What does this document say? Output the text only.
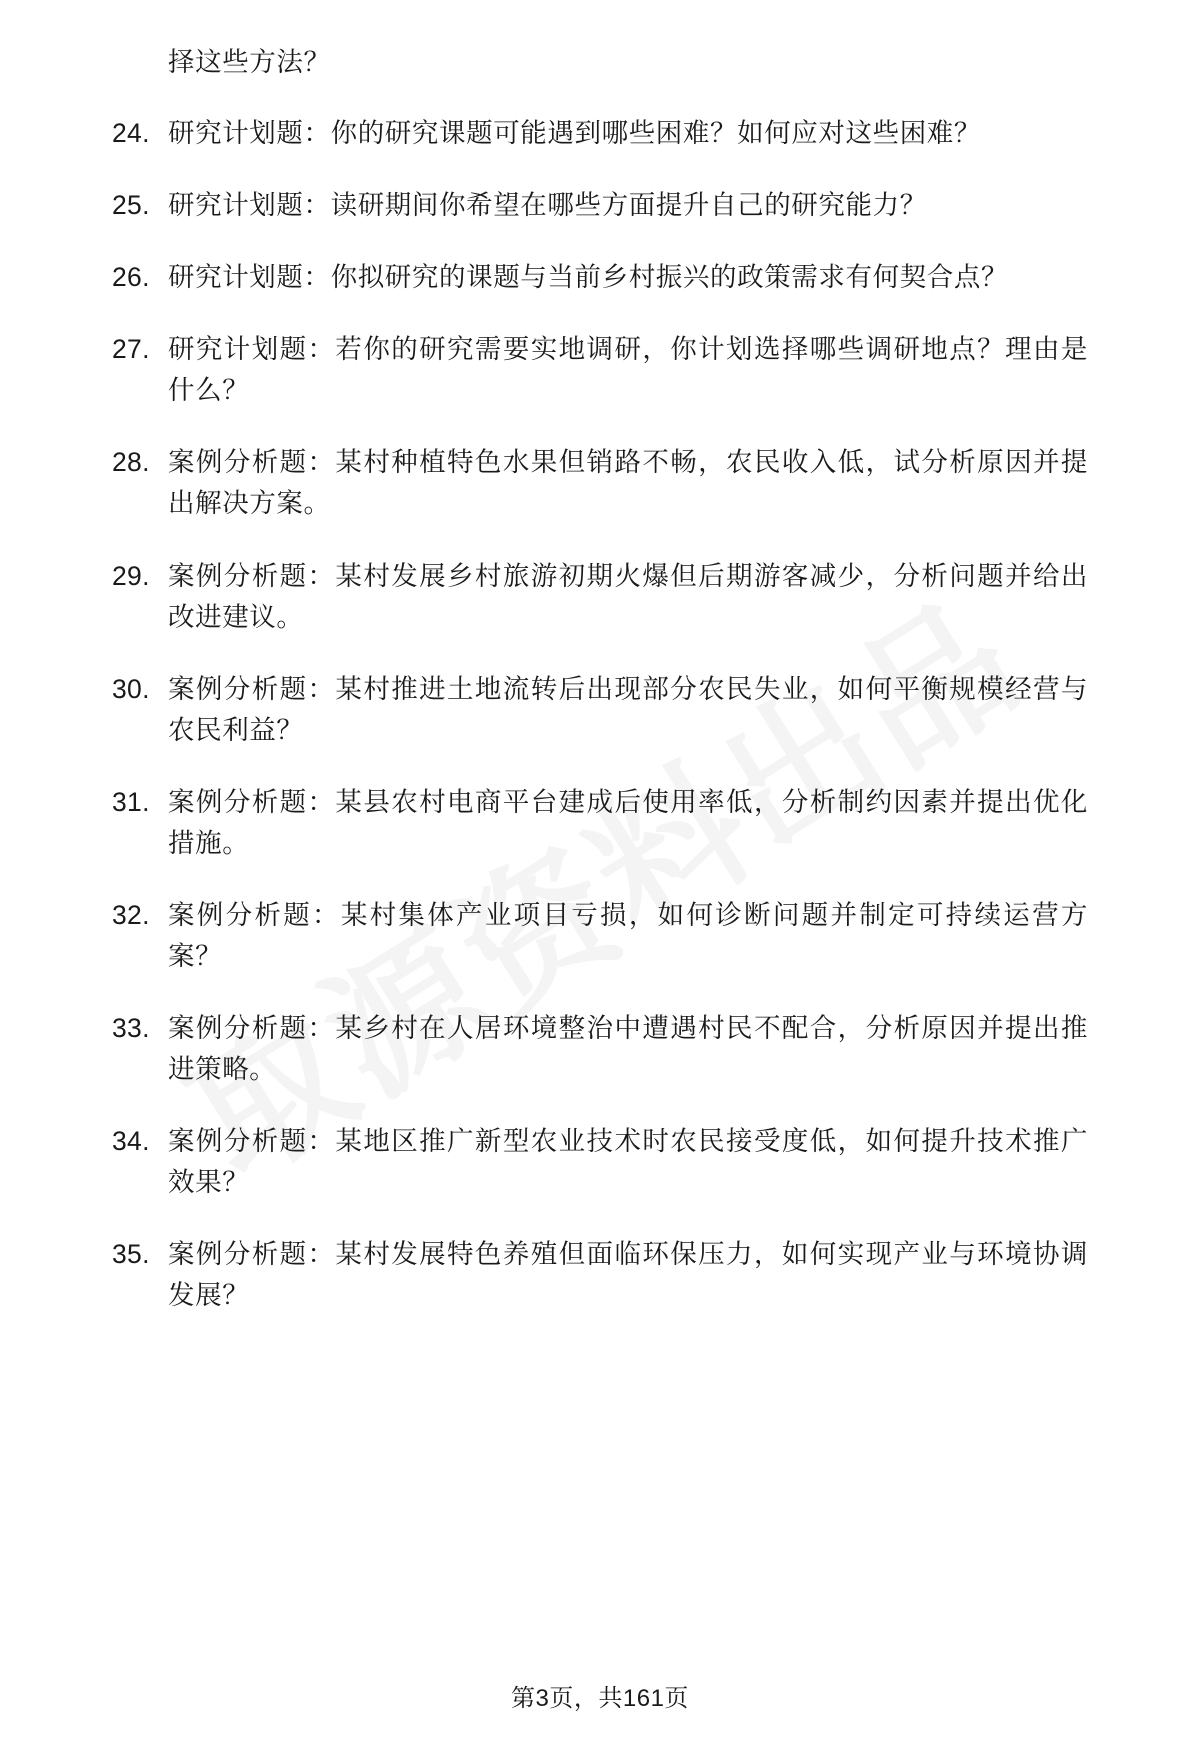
择这些方法？

24. 研究计划题：你的研究课题可能遇到哪些困难？如何应对这些困难？
25. 研究计划题：读研期间你希望在哪些方面提升自己的研究能力？
26. 研究计划题：你拟研究的课题与当前乡村振兴的政策需求有何契合点？
27. 研究计划题：若你的研究需要实地调研，你计划选择哪些调研地点？理由是什么？
28. 案例分析题：某村种植特色水果但销路不畅，农民收入低，试分析原因并提出解决方案。
29. 案例分析题：某村发展乡村旅游初期火爆但后期游客减少，分析问题并给出改进建议。
30. 案例分析题：某村推进土地流转后出现部分农民失业，如何平衡规模经营与农民利益？
31. 案例分析题：某县农村电商平台建成后使用率低，分析制约因素并提出优化措施。
32. 案例分析题：某村集体产业项目亏损，如何诊断问题并制定可持续运营方案？
33. 案例分析题：某乡村在人居环境整治中遭遇村民不配合，分析原因并提出推进策略。
34. 案例分析题：某地区推广新型农业技术时农民接受度低，如何提升技术推广效果？
35. 案例分析题：某村发展特色养殖但面临环保压力，如何实现产业与环境协调发展？
第3页，共161页
